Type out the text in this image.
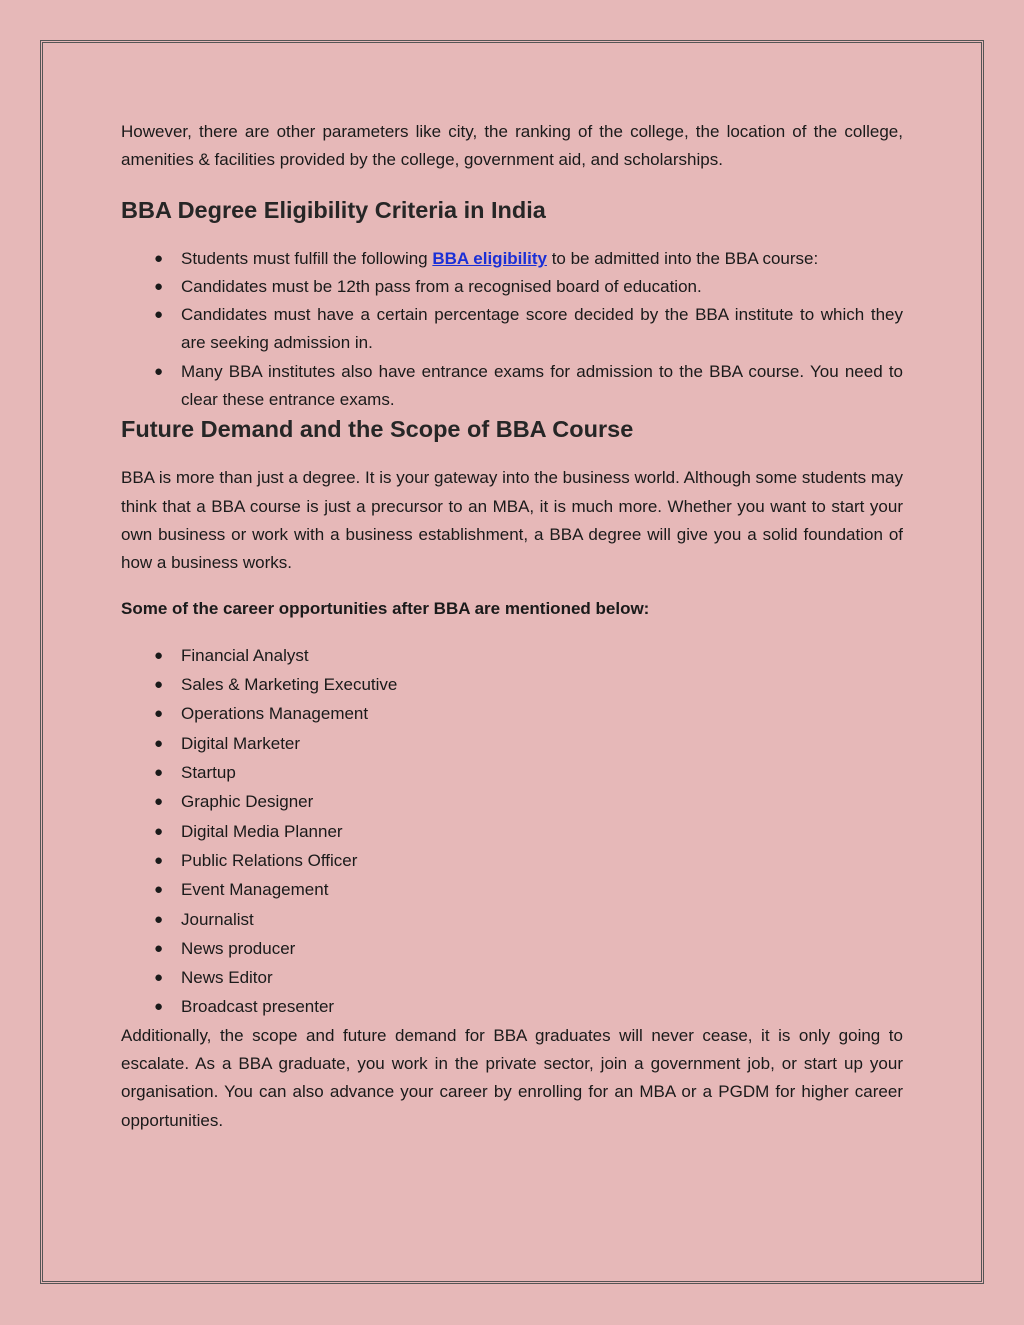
However, there are other parameters like city, the ranking of the college, the location of the college, amenities & facilities provided by the college, government aid, and scholarships.

BBA Degree Eligibility Criteria in India
● Students must fulfill the following BBA eligibility to be admitted into the BBA course:
● Candidates must be 12th pass from a recognised board of education.
● Candidates must have a certain percentage score decided by the BBA institute to which they are seeking admission in.
● Many BBA institutes also have entrance exams for admission to the BBA course. You need to clear these entrance exams.
Future Demand and the Scope of BBA Course

BBA is more than just a degree. It is your gateway into the business world. Although some students may think that a BBA course is just a precursor to an MBA, it is much more. Whether you want to start your own business or work with a business establishment, a BBA degree will give you a solid foundation of how a business works.

Some of the career opportunities after BBA are mentioned below:

● Financial Analyst
● Sales & Marketing Executive
● Operations Management
● Digital Marketer
● Startup
● Graphic Designer
● Digital Media Planner
● Public Relations Officer
● Event Management
● Journalist
● News producer
● News Editor
● Broadcast presenter

Additionally, the scope and future demand for BBA graduates will never cease, it is only going to escalate. As a BBA graduate, you work in the private sector, join a government job, or start up your organisation. You can also advance your career by enrolling for an MBA or a PGDM for higher career opportunities.
